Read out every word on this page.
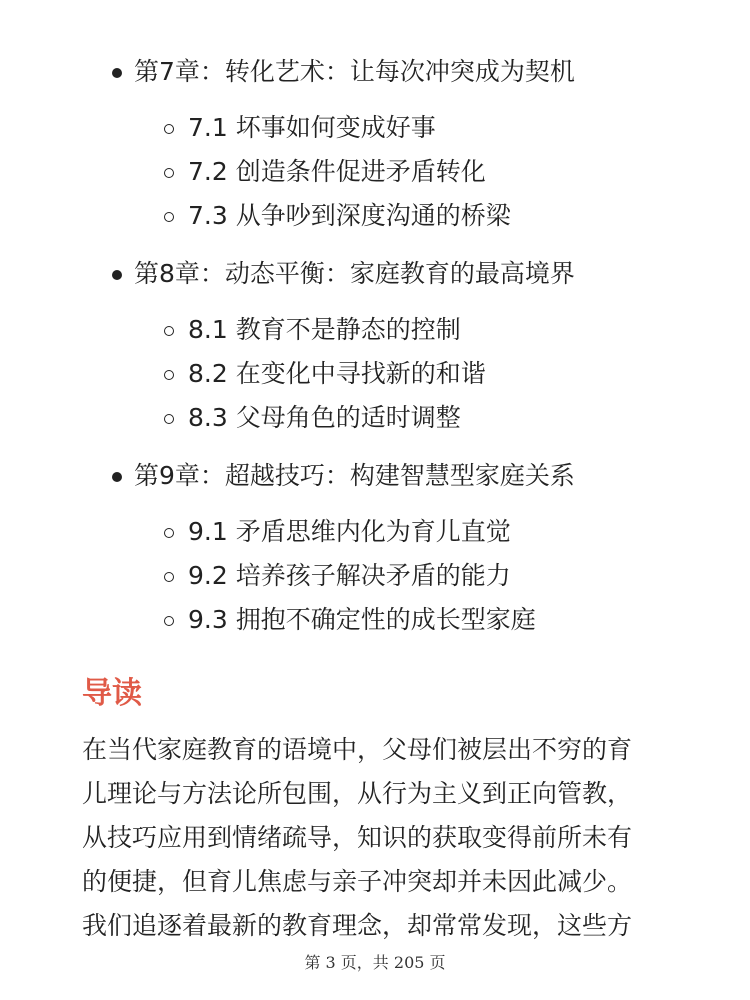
第7章：转化艺术：让每次冲突成为契机
7.1 坏事如何变成好事
7.2 创造条件促进矛盾转化
7.3 从争吵到深度沟通的桥梁
第8章：动态平衡：家庭教育的最高境界
8.1 教育不是静态的控制
8.2 在变化中寻找新的和谐
8.3 父母角色的适时调整
第9章：超越技巧：构建智慧型家庭关系
9.1 矛盾思维内化为育儿直觉
9.2 培养孩子解决矛盾的能力
9.3 拥抱不确定性的成长型家庭
导读
在当代家庭教育的语境中，父母们被层出不穷的育
儿理论与方法论所包围，从行为主义到正向管教，
从技巧应用到情绪疏导，知识的获取变得前所未有
的便捷，但育儿焦虑与亲子冲突却并未因此减少。
我们追逐着最新的教育理念，却常常发现，这些方
第 3 页，共 205 页
